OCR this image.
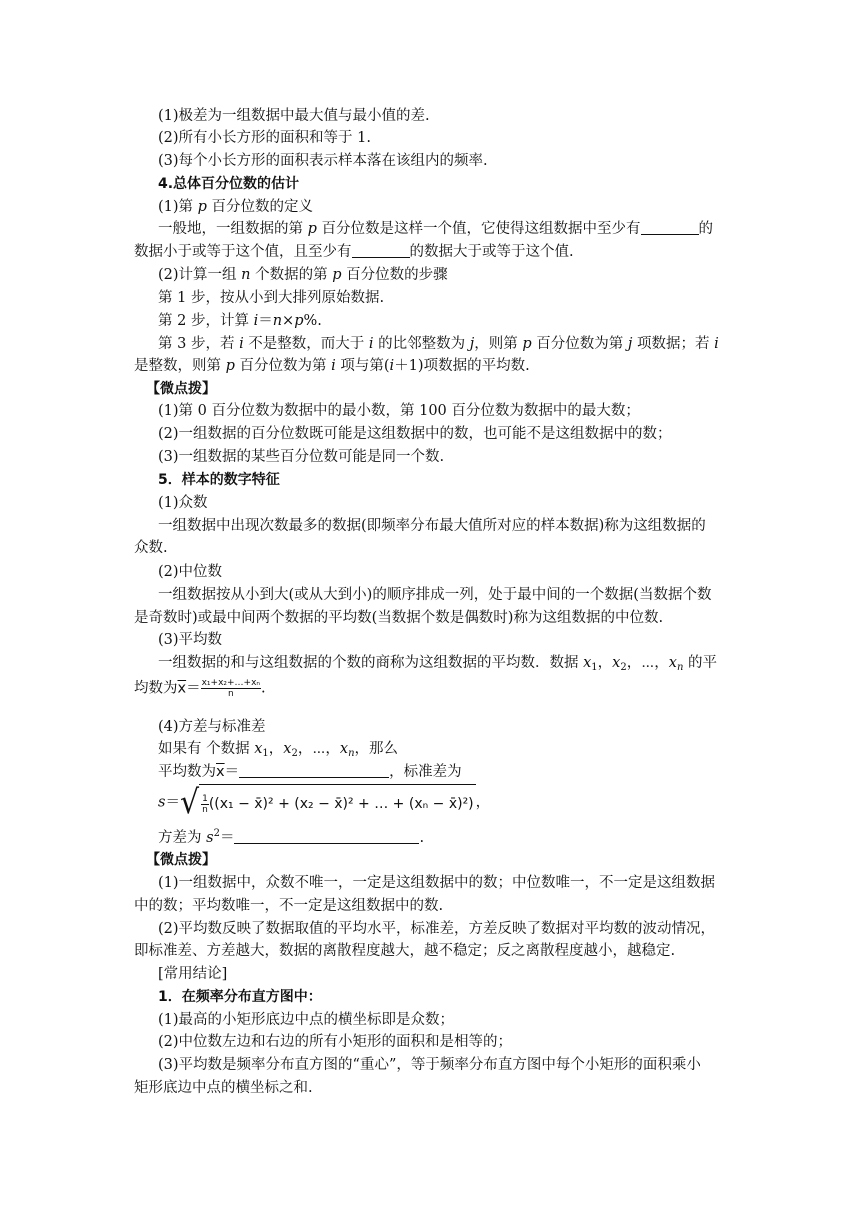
(1)极差为一组数据中最大值与最小值的差.
(2)所有小长方形的面积和等于 1.
(3)每个小长方形的面积表示样本落在该组内的频率.
4.总体百分位数的估计
(1)第 p 百分位数的定义
一般地，一组数据的第 p 百分位数是这样一个值，它使得这组数据中至少有	的
数据小于或等于这个值，且至少有	的数据大于或等于这个值.
(2)计算一组 n 个数据的第 p 百分位数的步骤
第 1 步，按从小到大排列原始数据.
第 2 步，计算 i＝n×p%.
第 3 步，若 i 不是整数，而大于 i 的比邻整数为 j，则第 p 百分位数为第 j 项数据；若 i
是整数，则第 p 百分位数为第 i 项与第(i＋1)项数据的平均数.
【微点拨】
(1)第 0 百分位数为数据中的最小数，第 100 百分位数为数据中的最大数；
(2)一组数据的百分位数既可能是这组数据中的数，也可能不是这组数据中的数；
(3)一组数据的某些百分位数可能是同一个数.
5．样本的数字特征
(1)众数
一组数据中出现次数最多的数据(即频率分布最大值所对应的样本数据)称为这组数据的
众数.
(2)中位数
一组数据按从小到大(或从大到小)的顺序排成一列，处于最中间的一个数据(当数据个数
是奇数时)或最中间两个数据的平均数(当数据个数是偶数时)称为这组数据的中位数.
(3)平均数
一组数据的和与这组数据的个数的商称为这组数据的平均数．数据 $x_1$，$x_2$，⋯，$x_n$ 的平
均数为$\overline{x}= \frac{\text{x₁+x₂+…+xₙ}}{n}$ .
(4)方差与标准差
如果有 个数据 $x_1$，$x_2$，⋯，$x_n$，那么
平均数为$\overline{x}=$	，标准差为
s＝ √ $\frac{1}{n} ((x_1$ − x̄)² + (x₂ − x̄)² + … + (xₙ − x̄)²) ，
方差为 $s^2=$	.
【微点拨】
(1)一组数据中，众数不唯一，一定是这组数据中的数；中位数唯一，不一定是这组数据
中的数；平均数唯一，不一定是这组数据中的数.
(2)平均数反映了数据取值的平均水平，标准差，方差反映了数据对平均数的波动情况，
即标准差、方差越大，数据的离散程度越大，越不稳定；反之离散程度越小，越稳定.
[常用结论]
1．在频率分布直方图中：
(1)最高的小矩形底边中点的横坐标即是众数；
(2)中位数左边和右边的所有小矩形的面积和是相等的；
(3)平均数是频率分布直方图的“重心”，等于频率分布直方图中每个小矩形的面积乘小
矩形底边中点的横坐标之和.
